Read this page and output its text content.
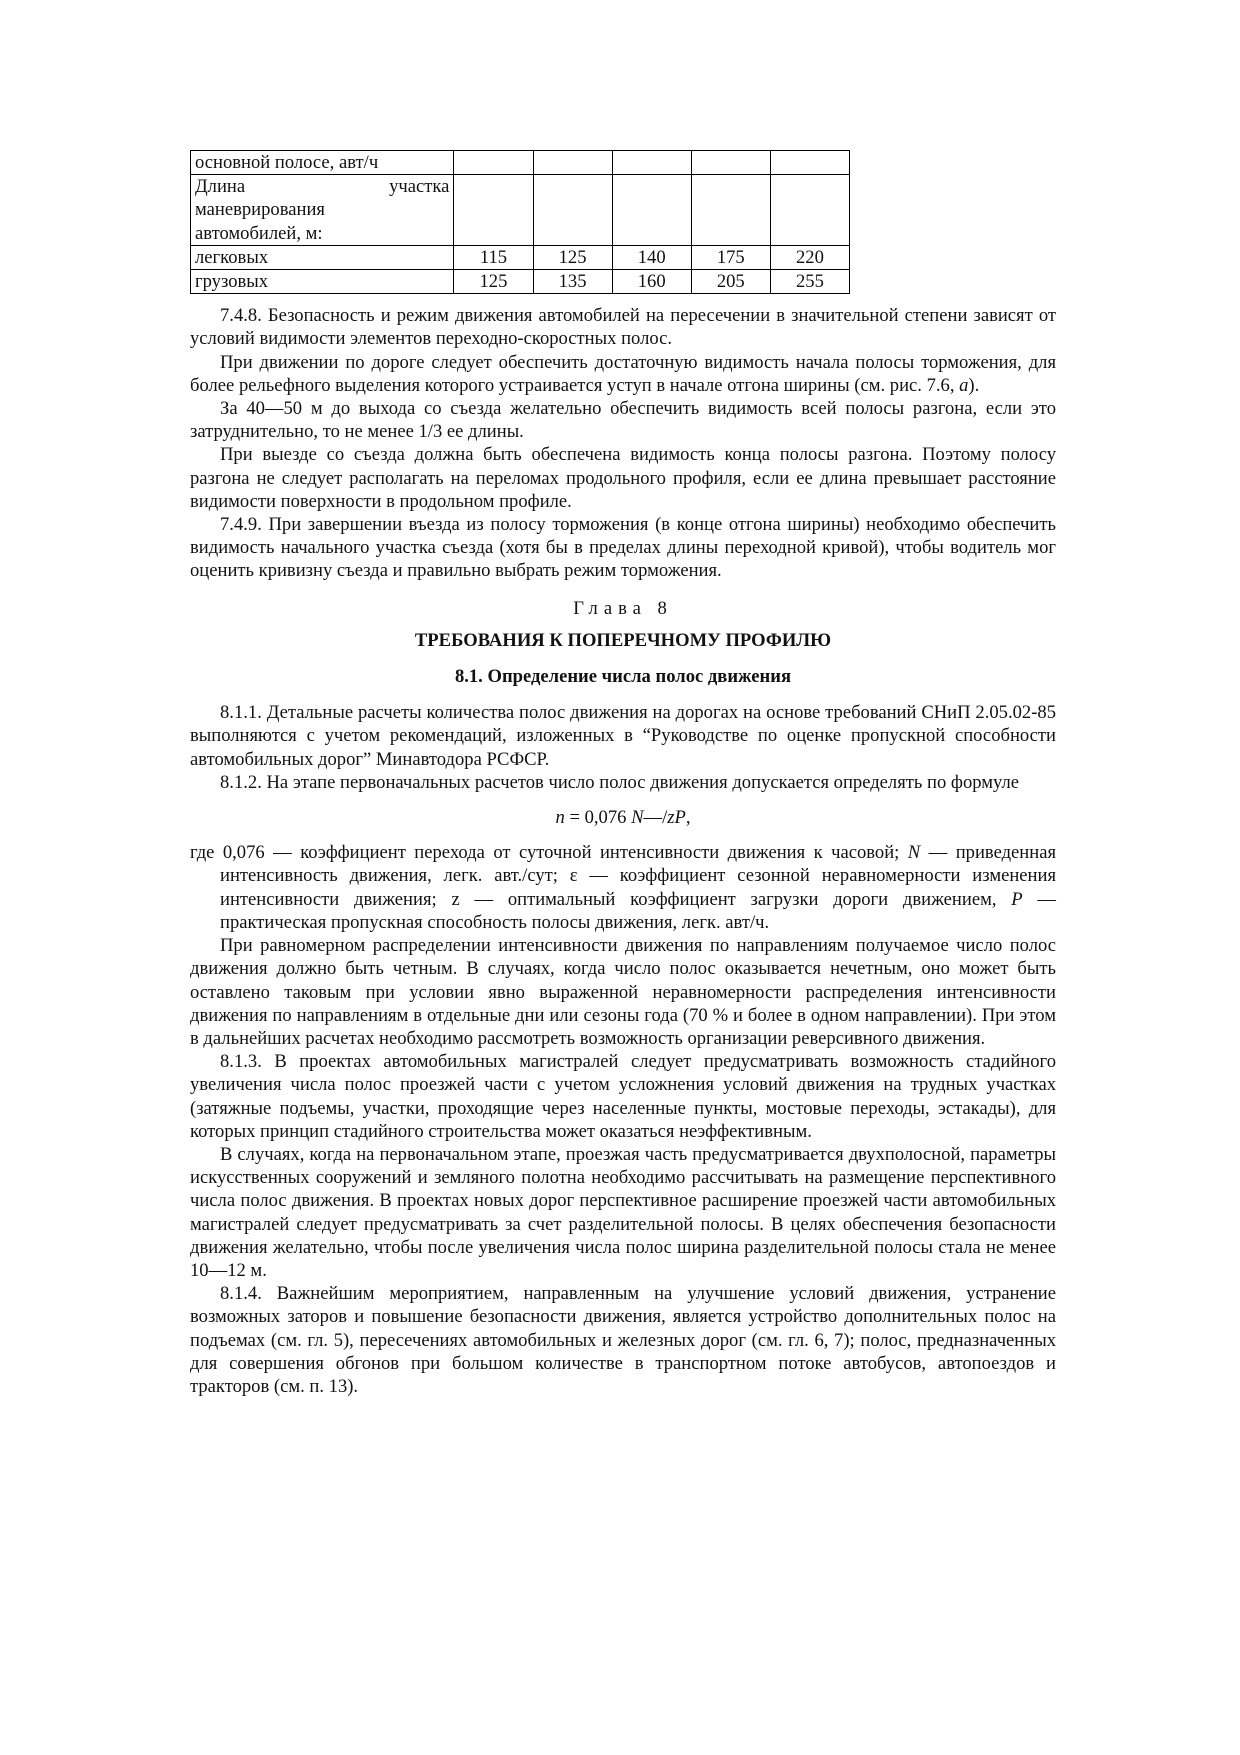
основной полосе, авт/ч					

Длина участка
маневрирования
автомобилей, м:					

легковых	115	125	140	175	220
грузовых	125	135	160	205	255

7.4.8. Безопасность и режим движения автомобилей на пересечении в значительной степени зависят от условий видимости элементов переходно-скоростных полос.

При движении по дороге следует обеспечить достаточную видимость начала полосы торможения, для более рельефного выделения которого устраивается уступ в начале отгона ширины (см. рис. 7.6, а).

За 40—50 м до выхода со съезда желательно обеспечить видимость всей полосы разгона, если это затруднительно, то не менее 1/3 ее длины.

При выезде со съезда должна быть обеспечена видимость конца полосы разгона. Поэтому полосу разгона не следует располагать на переломах продольного профиля, если ее длина превышает расстояние видимости поверхности в продольном профиле.

7.4.9. При завершении въезда из полосу торможения (в конце отгона ширины) необходимо обеспечить видимость начального участка съезда (хотя бы в пределах длины переходной кривой), чтобы водитель мог оценить кривизну съезда и правильно выбрать режим торможения.

Глава 8
ТРЕБОВАНИЯ К ПОПЕРЕЧНОМУ ПРОФИЛЮ
8.1. Определение числа полос движения

8.1.1. Детальные расчеты количества полос движения на дорогах на основе требований СНиП 2.05.02-85 выполняются с учетом рекомендаций, изложенных в “Руководстве по оценке пропускной способности автомобильных дорог” Минавтодора РСФСР.

8.1.2. На этапе первоначальных расчетов число полос движения допускается определять по формуле

n = 0,076 N—/zP,

где 0,076 — коэффициент перехода от суточной интенсивности движения к часовой; N — приведенная интенсивность движения, легк. авт./сут; ε — коэффициент сезонной неравномерности изменения интенсивности движения; z — оптимальный коэффициент загрузки дороги движением, P — практическая пропускная способность полосы движения, легк. авт/ч.

При равномерном распределении интенсивности движения по направлениям получаемое число полос движения должно быть четным. В случаях, когда число полос оказывается нечетным, оно может быть оставлено таковым при условии явно выраженной неравномерности распределения интенсивности движения по направлениям в отдельные дни или сезоны года (70 % и более в одном направлении). При этом в дальнейших расчетах необходимо рассмотреть возможность организации реверсивного движения.

8.1.3. В проектах автомобильных магистралей следует предусматривать возможность стадийного увеличения числа полос проезжей части с учетом усложнения условий движения на трудных участках (затяжные подъемы, участки, проходящие через населенные пункты, мостовые переходы, эстакады), для которых принцип стадийного строительства может оказаться неэффективным.

В случаях, когда на первоначальном этапе, проезжая часть предусматривается двухполосной, параметры искусственных сооружений и земляного полотна необходимо рассчитывать на размещение перспективного числа полос движения. В проектах новых дорог перспективное расширение проезжей части автомобильных магистралей следует предусматривать за счет разделительной полосы. В целях обеспечения безопасности движения желательно, чтобы после увеличения числа полос ширина разделительной полосы стала не менее 10—12 м.

8.1.4. Важнейшим мероприятием, направленным на улучшение условий движения, устранение возможных заторов и повышение безопасности движения, является устройство дополнительных полос на подъемах (см. гл. 5), пересечениях автомобильных и железных дорог (см. гл. 6, 7); полос, предназначенных для совершения обгонов при большом количестве в транспортном потоке автобусов, автопоездов и тракторов (см. п. 13).
